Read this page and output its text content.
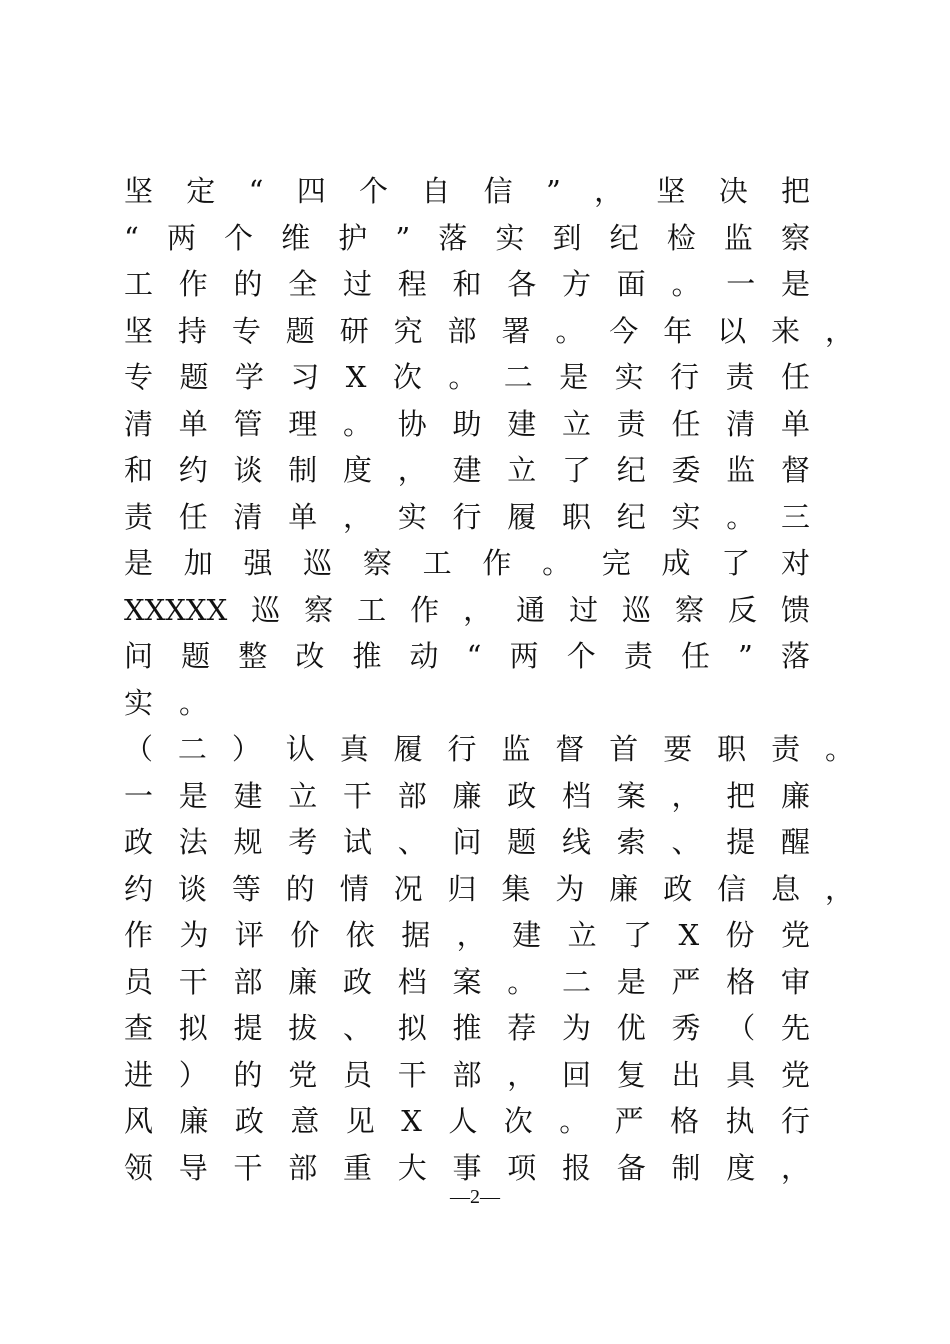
坚定“四个自信”，坚决把
“两个维护”落实到纪检监察
工作的全过程和各方面。一是
坚持专题研究部署。今年以来，
专题学习X次。二是实行责任
清单管理。协助建立责任清单
和约谈制度，建立了纪委监督
责任清单，实行履职纪实。三
是加强巡察工作。完成了对
XXXXX巡察工作，通过巡察反馈
问题整改推动“两个责任”落
实。
（二）认真履行监督首要职责。
一是建立干部廉政档案，把廉
政法规考试、问题线索、提醒
约谈等的情况归集为廉政信息，
作为评价依据，建立了X份党
员干部廉政档案。二是严格审
查拟提拔、拟推荐为优秀（先
进）的党员干部，回复出具党
风廉政意见X人次。严格执行
领导干部重大事项报备制度，
—2—
